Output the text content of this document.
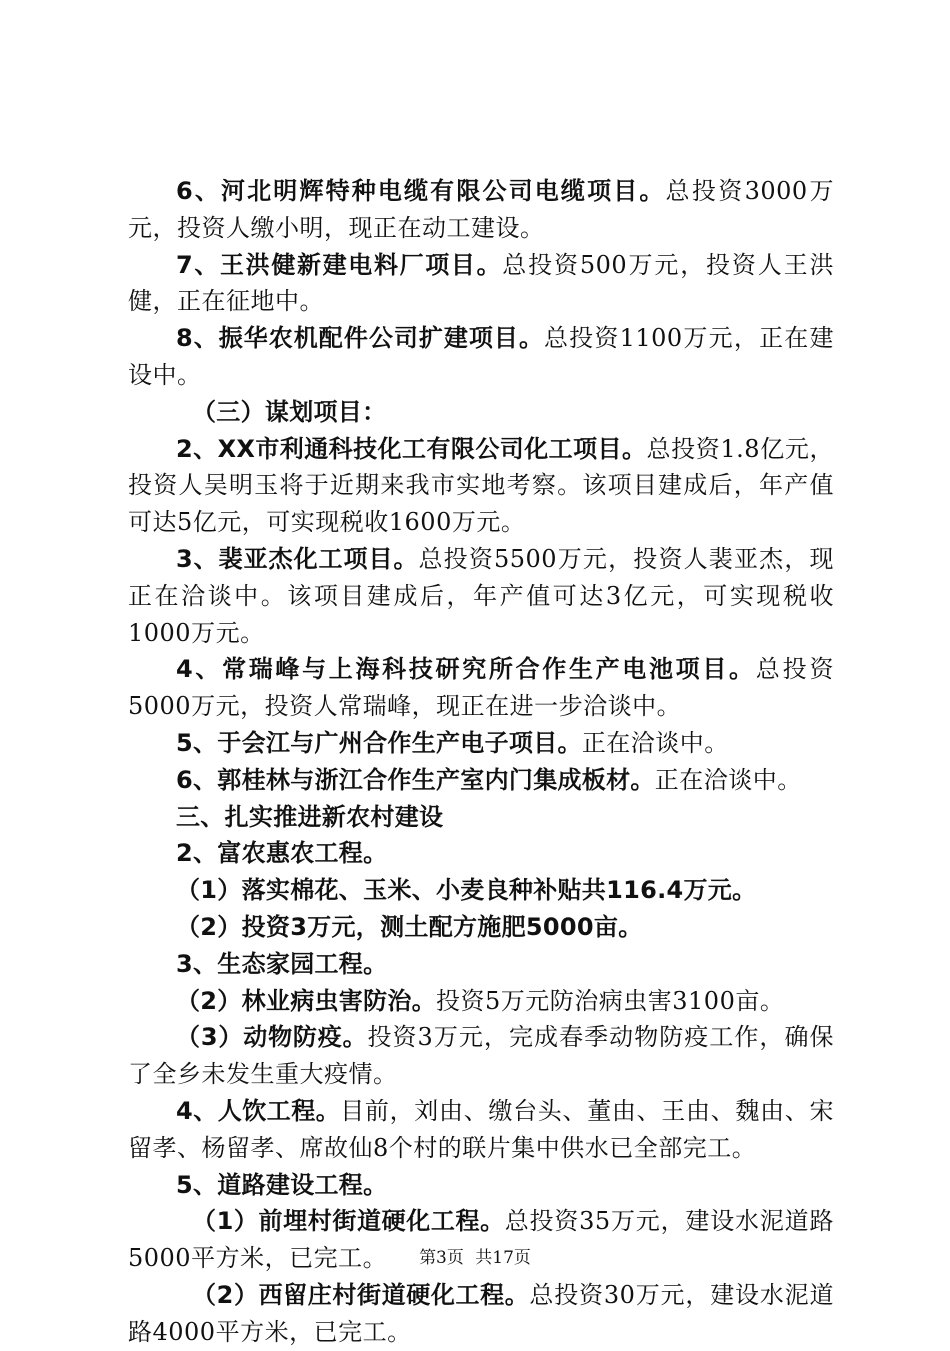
6、河北明辉特种电缆有限公司电缆项目。总投资3000万元，投资人缴小明，现正在动工建设。

7、王洪健新建电料厂项目。总投资500万元，投资人王洪健，正在征地中。

8、振华农机配件公司扩建项目。总投资1100万元，正在建设中。

（三）谋划项目：

2、XX市利通科技化工有限公司化工项目。总投资1.8亿元，投资人吴明玉将于近期来我市实地考察。该项目建成后，年产值可达5亿元，可实现税收1600万元。

3、裴亚杰化工项目。总投资5500万元，投资人裴亚杰，现正在洽谈中。该项目建成后，年产值可达3亿元，可实现税收1000万元。

4、常瑞峰与上海科技研究所合作生产电池项目。总投资5000万元，投资人常瑞峰，现正在进一步洽谈中。

5、于会江与广州合作生产电子项目。正在洽谈中。

6、郭桂林与浙江合作生产室内门集成板材。正在洽谈中。

三、扎实推进新农村建设

2、富农惠农工程。

（1）落实棉花、玉米、小麦良种补贴共116.4万元。

（2）投资3万元，测土配方施肥5000亩。

3、生态家园工程。

（2）林业病虫害防治。投资5万元防治病虫害3100亩。

（3）动物防疫。投资3万元，完成春季动物防疫工作，确保了全乡未发生重大疫情。

4、人饮工程。目前，刘由、缴台头、董由、王由、魏由、宋留孝、杨留孝、席故仙8个村的联片集中供水已全部完工。

5、道路建设工程。

（1）前埋村街道硬化工程。总投资35万元，建设水泥道路5000平方米，已完工。

（2）西留庄村街道硬化工程。总投资30万元，建设水泥道路4000平方米，已完工。

第3页 共17页
